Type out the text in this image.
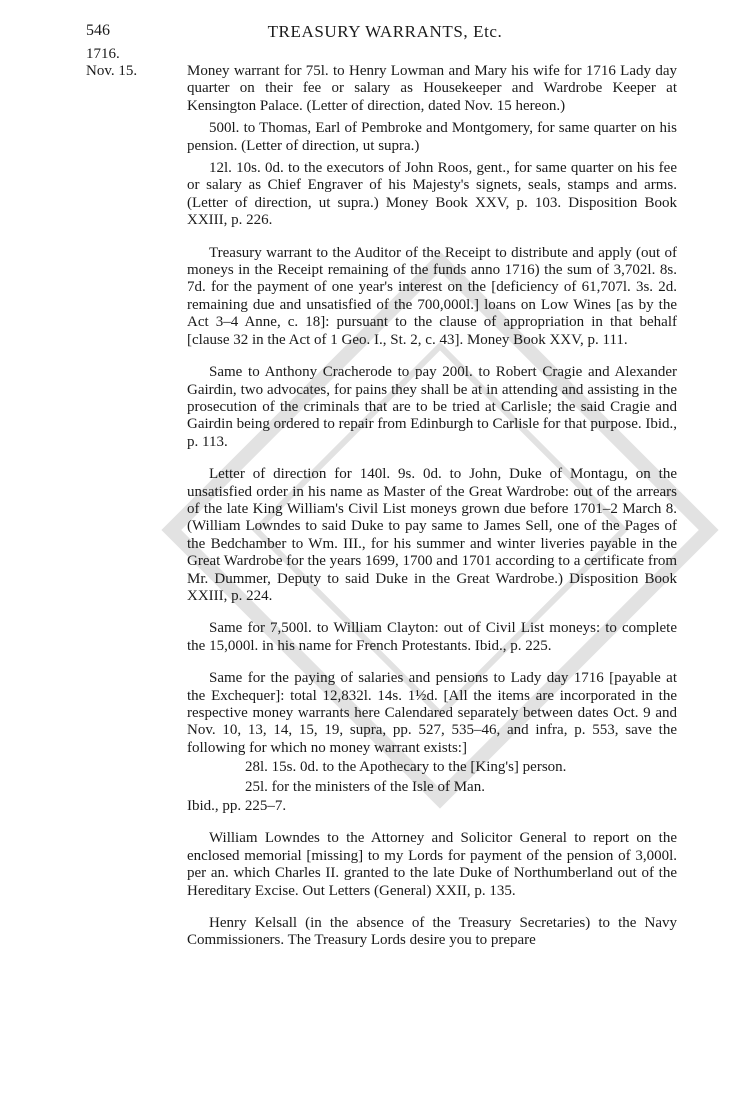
546	TREASURY WARRANTS, Etc.
1716.
Nov. 15.	Money warrant for 75l. to Henry Lowman and Mary his wife for 1716 Lady day quarter on their fee or salary as Housekeeper and Wardrobe Keeper at Kensington Palace. (Letter of direction, dated Nov. 15 hereon.)

500l. to Thomas, Earl of Pembroke and Montgomery, for same quarter on his pension. (Letter of direction, ut supra.)

12l. 10s. 0d. to the executors of John Roos, gent., for same quarter on his fee or salary as Chief Engraver of his Majesty's signets, seals, stamps and arms. (Letter of direction, ut supra.) Money Book XXV, p. 103. Disposition Book XXIII, p. 226.

Treasury warrant to the Auditor of the Receipt to distribute and apply (out of moneys in the Receipt remaining of the funds anno 1716) the sum of 3,702l. 8s. 7d. for the payment of one year's interest on the [deficiency of 61,707l. 3s. 2d. remaining due and unsatisfied of the 700,000l.] loans on Low Wines [as by the Act 3–4 Anne, c. 18]: pursuant to the clause of appropriation in that behalf [clause 32 in the Act of 1 Geo. I., St. 2, c. 43]. Money Book XXV, p. 111.

Same to Anthony Cracherode to pay 200l. to Robert Cragie and Alexander Gairdin, two advocates, for pains they shall be at in attending and assisting in the prosecution of the criminals that are to be tried at Carlisle; the said Cragie and Gairdin being ordered to repair from Edinburgh to Carlisle for that purpose. Ibid., p. 113.

Letter of direction for 140l. 9s. 0d. to John, Duke of Montagu, on the unsatisfied order in his name as Master of the Great Wardrobe: out of the arrears of the late King William's Civil List moneys grown due before 1701–2 March 8. (William Lowndes to said Duke to pay same to James Sell, one of the Pages of the Bedchamber to Wm. III., for his summer and winter liveries payable in the Great Wardrobe for the years 1699, 1700 and 1701 according to a certificate from Mr. Dummer, Deputy to said Duke in the Great Wardrobe.) Disposition Book XXIII, p. 224.

Same for 7,500l. to William Clayton: out of Civil List moneys: to complete the 15,000l. in his name for French Protestants. Ibid., p. 225.

Same for the paying of salaries and pensions to Lady day 1716 [payable at the Exchequer]: total 12,832l. 14s. 1½d. [All the items are incorporated in the respective money warrants here Calendared separately between dates Oct. 9 and Nov. 10, 13, 14, 15, 19, supra, pp. 527, 535–46, and infra, p. 553, save the following for which no money warrant exists:]

28l. 15s. 0d. to the Apothecary to the [King's] person.

25l. for the ministers of the Isle of Man.

Ibid., pp. 225–7.

William Lowndes to the Attorney and Solicitor General to report on the enclosed memorial [missing] to my Lords for payment of the pension of 3,000l. per an. which Charles II. granted to the late Duke of Northumberland out of the Hereditary Excise. Out Letters (General) XXII, p. 135.

Henry Kelsall (in the absence of the Treasury Secretaries) to the Navy Commissioners. The Treasury Lords desire you to prepare
